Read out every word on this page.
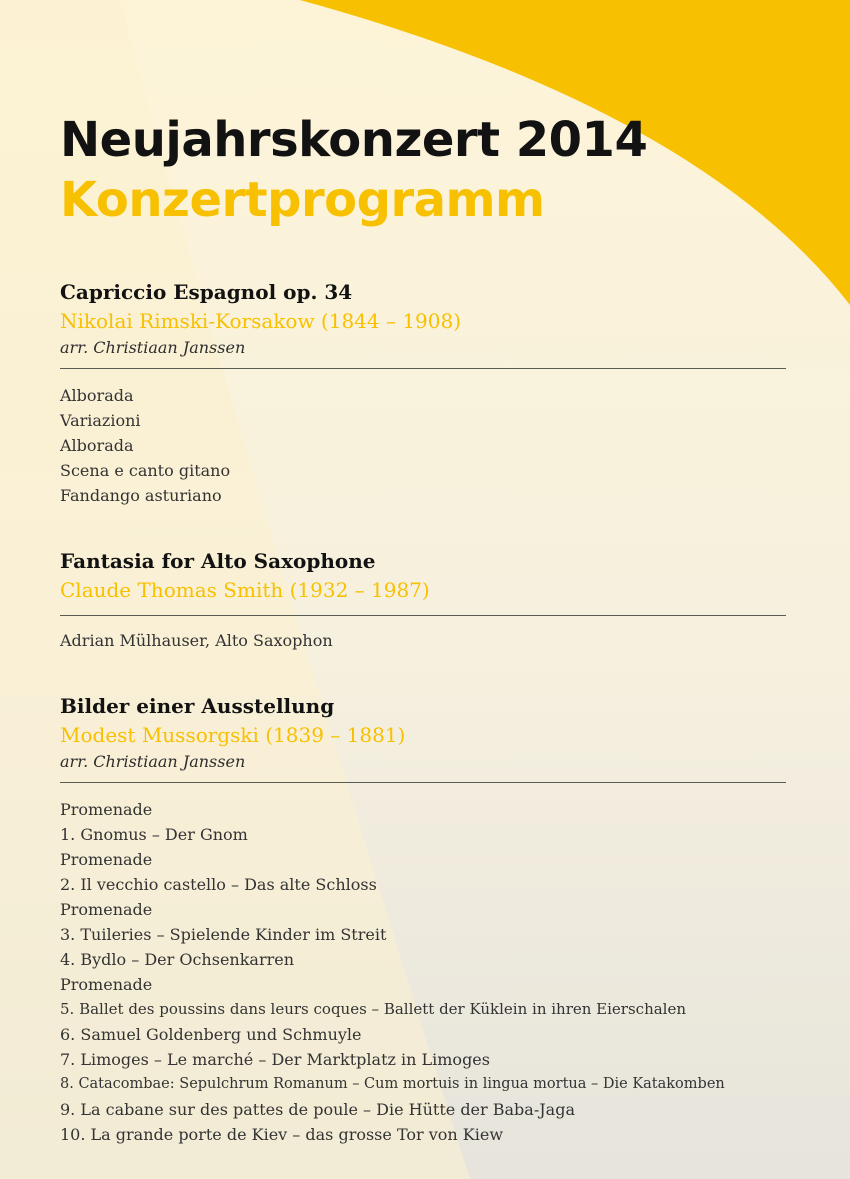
Neujahrskonzert 2014
Konzertprogramm
Capriccio Espagnol op. 34
Nikolai Rimski-Korsakow (1844 – 1908)
arr. Christiaan Janssen
Alborada
Variazioni
Alborada
Scena e canto gitano
Fandango asturiano
Fantasia for Alto Saxophone
Claude Thomas Smith (1932 – 1987)
Adrian Mülhauser, Alto Saxophon
Bilder einer Ausstellung
Modest Mussorgski (1839 – 1881)
arr. Christiaan Janssen
Promenade
1. Gnomus – Der Gnom
Promenade
2. Il vecchio castello – Das alte Schloss
Promenade
3. Tuileries – Spielende Kinder im Streit
4. Bydlo – Der Ochsenkarren
Promenade
5. Ballet des poussins dans leurs coques – Ballett der Küklein in ihren Eierschalen
6. Samuel Goldenberg und Schmuyle
7. Limoges – Le marché – Der Marktplatz in Limoges
8. Catacombae: Sepulchrum Romanum – Cum mortuis in lingua mortua – Die Katakomben
9. La cabane sur des pattes de poule – Die Hütte der Baba-Jaga
10. La grande porte de Kiev – das grosse Tor von Kiew
